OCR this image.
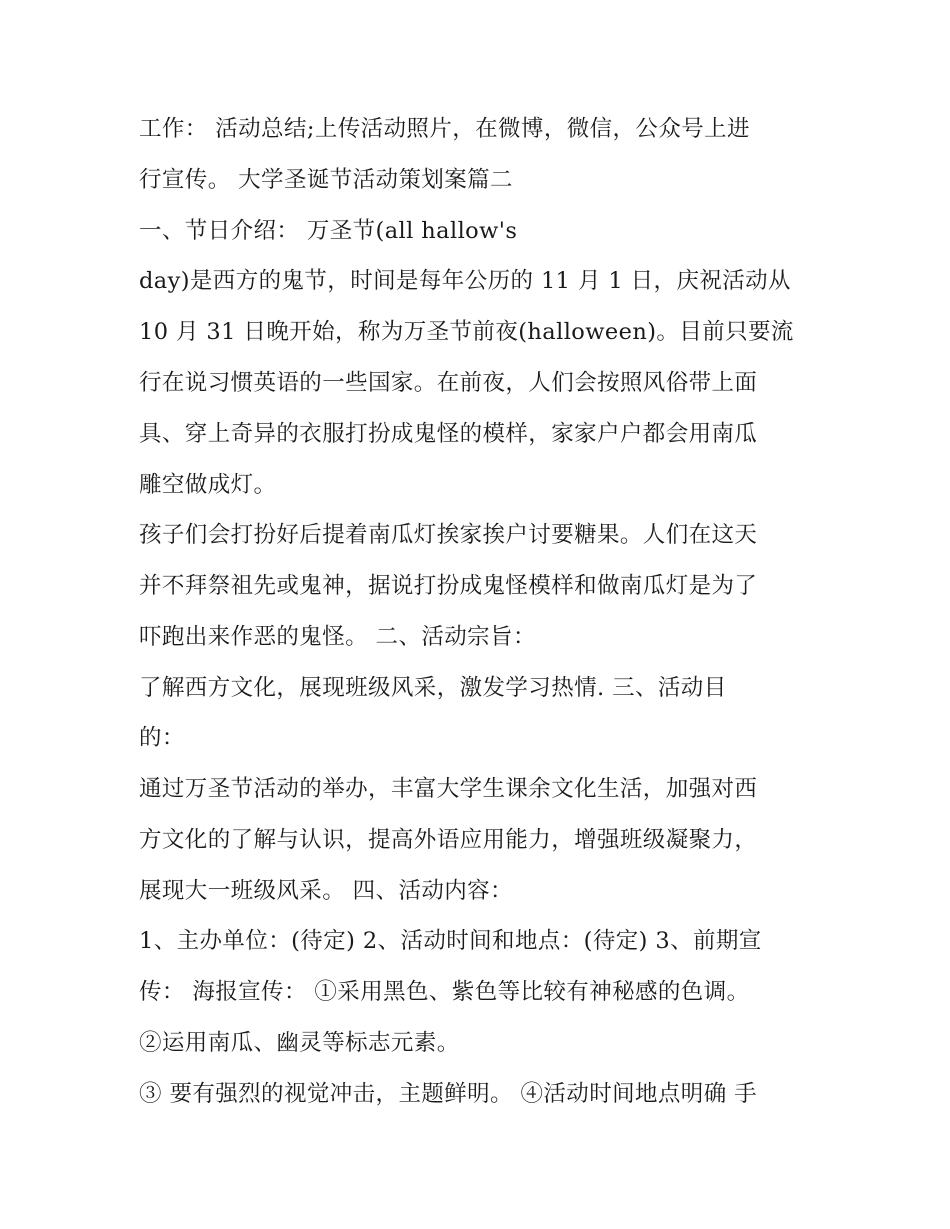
工作： 活动总结;上传活动照片，在微博，微信，公众号上进
行宣传。 大学圣诞节活动策划案篇二
一、节日介绍： 万圣节(all hallow's
day)是西方的鬼节，时间是每年公历的 11 月 1 日，庆祝活动从
10 月 31 日晚开始，称为万圣节前夜(halloween)。目前只要流
行在说习惯英语的一些国家。在前夜，人们会按照风俗带上面
具、穿上奇异的衣服打扮成鬼怪的模样，家家户户都会用南瓜
雕空做成灯。
孩子们会打扮好后提着南瓜灯挨家挨户讨要糖果。人们在这天
并不拜祭祖先或鬼神，据说打扮成鬼怪模样和做南瓜灯是为了
吓跑出来作恶的鬼怪。 二、活动宗旨：
了解西方文化，展现班级风采，激发学习热情. 三、活动目
的：
通过万圣节活动的举办，丰富大学生课余文化生活，加强对西
方文化的了解与认识，提高外语应用能力，增强班级凝聚力，
展现大一班级风采。 四、活动内容：
1、主办单位：(待定) 2、活动时间和地点：(待定) 3、前期宣
传： 海报宣传： ①采用黑色、紫色等比较有神秘感的色调。
②运用南瓜、幽灵等标志元素。
③ 要有强烈的视觉冲击，主题鲜明。 ④活动时间地点明确 手
